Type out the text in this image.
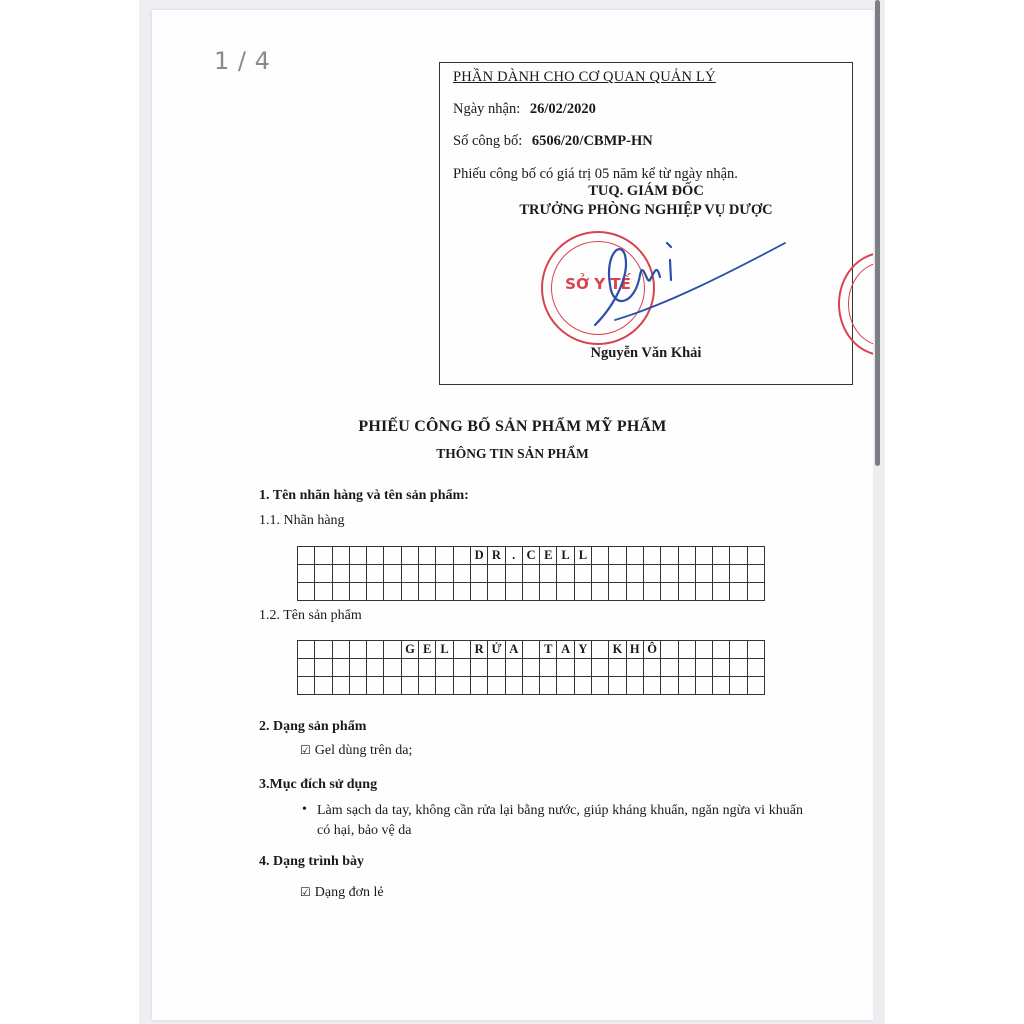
1 / 4
PHẦN DÀNH CHO CƠ QUAN QUẢN LÝ
Ngày nhận: 26/02/2020
Số công bố: 6506/20/CBMP-HN
Phiếu công bố có giá trị 05 năm kể từ ngày nhận.
TUQ. GIÁM ĐỐC
TRƯỞNG PHÒNG NGHIỆP VỤ DƯỢC
SỞ Y TẾ
Nguyễn Văn Khải
PHIẾU CÔNG BỐ SẢN PHẨM MỸ PHẨM
THÔNG TIN SẢN PHẨM
1. Tên nhãn hàng và tên sản phẩm:
1.1. Nhãn hàng
D R . C E L L
1.2. Tên sản phẩm
G E L	R Ử A	T A Y	K H Ô
2. Dạng sản phẩm
☑ Gel dùng trên da;
3.Mục đích sử dụng
• Làm sạch da tay, không cần rửa lại bằng nước, giúp kháng khuẩn, ngăn ngừa vi khuẩn có hại, bảo vệ da
4. Dạng trình bày
☑ Dạng đơn lẻ
